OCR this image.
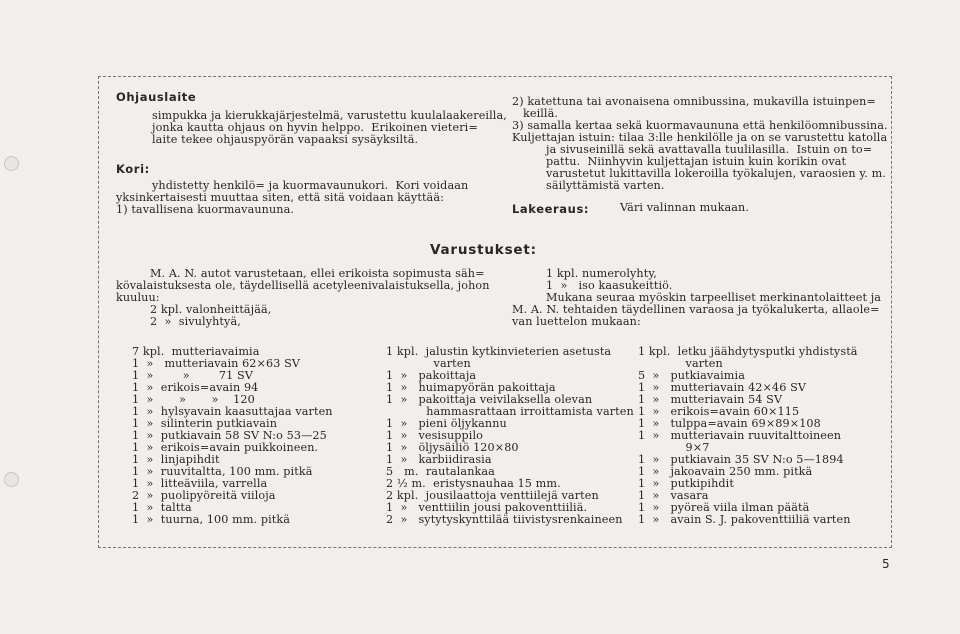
Ohjauslaite
simpukka ja kierukkajärjestelmä, varustettu kuulalaakereilla,
jonka kautta ohjaus on hyvin helppo.  Erikoinen vieteri=
laite tekee ohjauspyörän vapaaksi sysäyksiltä.
Kori:
yhdistetty henkilö= ja kuormavaunukori.  Kori voidaan
yksinkertaisesti muuttaa siten, että sitä voidaan käyttää:
1) tavallisena kuormavaununa.
2) katettuna tai avonaisena omnibussina, mukavilla istuinpen=
keillä.
3) samalla kertaa sekä kuormavaununa että henkilöomnibussina.
Kuljettajan istuin: tilaa 3:lle henkilölle ja on se varustettu katolla
ja sivuseinillä sekä avattavalla tuulilasilla.  Istuin on to=
pattu.  Niinhyvin kuljettajan istuin kuin korikin ovat
varustetut lukittavilla lokeroilla työkalujen, varaosien y. m.
säilyttämistä varten.
Lakeeraus:	Väri valinnan mukaan.
Varustukset:
M. A. N. autot varustetaan, ellei erikoista sopimusta säh=
kövalaistuksesta ole, täydellisellä acetyleenivalaistuksella, johon
kuuluu:
2 kpl. valonheittäjää,
2  »  sivulyhtyä,
1 kpl. numerolyhty,
1  »   iso kaasukeittiö.
Mukana seuraa myöskin tarpeelliset merkinantolaitteet ja
M. A. N. tehtaiden täydellinen varaosa ja työkalukerta, allaole=
van luettelon mukaan:
7 kpl.  mutteriavaimia
1  »   mutteriavain 62×63 SV
1  »        »        71 SV
1  »  erikois=avain 94
1  »       »       »    120
1  »  hylsyavain kaasuttajaa varten
1  »  silinterin putkiavain
1  »  putkiavain 58 SV N:o 53—25
1  »  erikois=avain puikkoineen.
1  »  linjapihdit
1  »  ruuvitaltta, 100 mm. pitkä
1  »  litteäviila, varrella
2  »  puolipyöreitä viiloja
1  »  taltta
1  »  tuurna, 100 mm. pitkä
1 kpl.  jalustin kytkinvieterien asetusta
varten
1  »   pakoittaja
1  »   huimapyörän pakoittaja
1  »   pakoittaja veivilaksella olevan
hammasrattaan irroittamista varten
1  »   pieni öljykannu
1  »   vesisuppilo
1  »   öljysäiliö 120×80
1  »   karbiidirasia
5   m.  rautalankaa
2 ½ m.  eristysnauhaa 15 mm.
2 kpl.  jousilaattoja venttiilejä varten
1  »   venttiilin jousi pakoventtiiliä.
2  »   sytytyskynttilää tiivistysrenkaineen
1 kpl.  letku jäähdytysputki yhdistystä
varten
5  »   putkiavaimia
1  »   mutteriavain 42×46 SV
1  »   mutteriavain 54 SV
1  »   erikois=avain 60×115
1  »   tulppa=avain 69×89×108
1  »   mutteriavain ruuvitalttoineen
9×7
1  »   putkiavain 35 SV N:o 5—1894
1  »   jakoavain 250 mm. pitkä
1  »   putkipihdit
1  »   vasara
1  »   pyöreä viila ilman päätä
1  »   avain S. J. pakoventtiiliä varten
5
